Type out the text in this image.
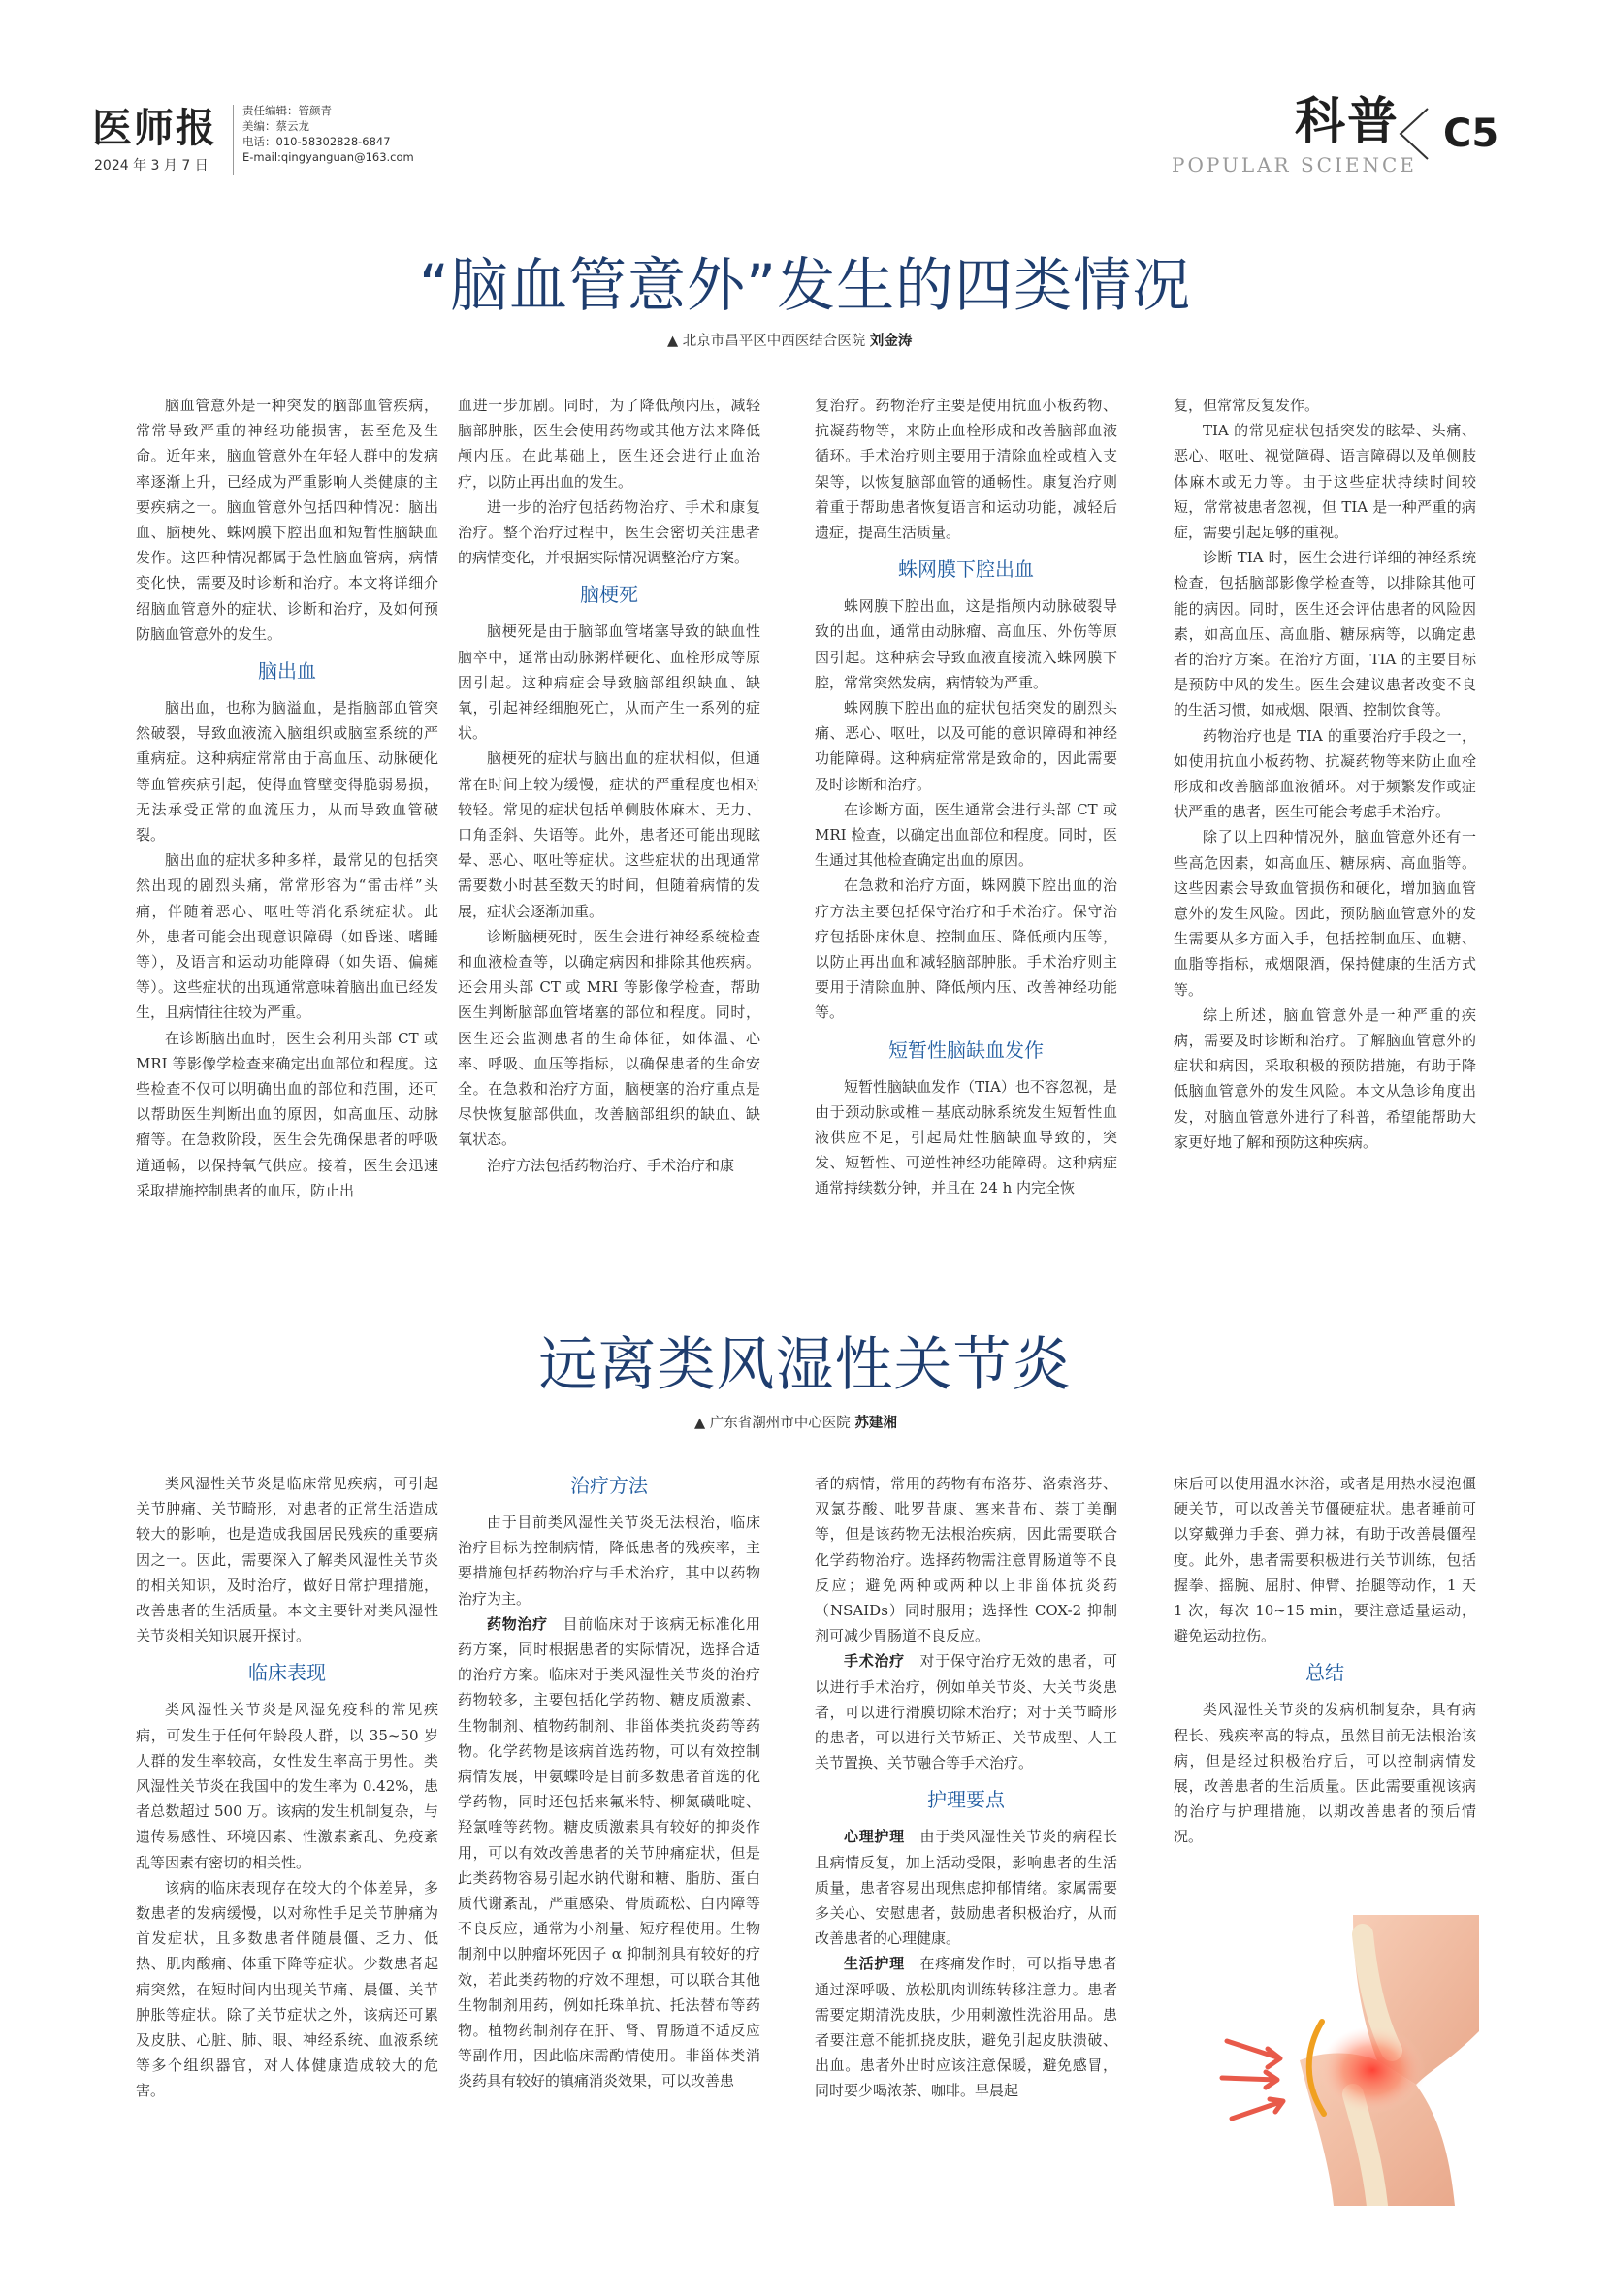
医师报
2024 年 3 月 7 日
责任编辑：管颜青
美编：蔡云龙
电话：010-58302828-6847
E-mail:qingyanguan@163.com
科普
POPULAR SCIENCE
C5
“脑血管意外”发生的四类情况
▲ 北京市昌平区中西医结合医院 刘金涛

脑血管意外是一种突发的脑部血管疾病，常常导致严重的神经功能损害，甚至危及生命。近年来，脑血管意外在年轻人群中的发病率逐渐上升，已经成为严重影响人类健康的主要疾病之一。脑血管意外包括四种情况：脑出血、脑梗死、蛛网膜下腔出血和短暂性脑缺血发作。这四种情况都属于急性脑血管病，病情变化快，需要及时诊断和治疗。本文将详细介绍脑血管意外的症状、诊断和治疗，及如何预防脑血管意外的发生。

脑出血

脑出血，也称为脑溢血，是指脑部血管突然破裂，导致血液流入脑组织或脑室系统的严重病症。这种病症常常由于高血压、动脉硬化等血管疾病引起，使得血管壁变得脆弱易损，无法承受正常的血流压力，从而导致血管破裂。

脑出血的症状多种多样，最常见的包括突然出现的剧烈头痛，常常形容为“雷击样”头痛，伴随着恶心、呕吐等消化系统症状。此外，患者可能会出现意识障碍（如昏迷、嗜睡等），及语言和运动功能障碍（如失语、偏瘫等）。这些症状的出现通常意味着脑出血已经发生，且病情往往较为严重。

在诊断脑出血时，医生会利用头部 CT 或 MRI 等影像学检查来确定出血部位和程度。这些检查不仅可以明确出血的部位和范围，还可以帮助医生判断出血的原因，如高血压、动脉瘤等。在急救阶段，医生会先确保患者的呼吸道通畅，以保持氧气供应。接着，医生会迅速采取措施控制患者的血压，防止出

血进一步加剧。同时，为了降低颅内压，减轻脑部肿胀，医生会使用药物或其他方法来降低颅内压。在此基础上，医生还会进行止血治疗，以防止再出血的发生。

进一步的治疗包括药物治疗、手术和康复治疗。整个治疗过程中，医生会密切关注患者的病情变化，并根据实际情况调整治疗方案。

脑梗死

脑梗死是由于脑部血管堵塞导致的缺血性脑卒中，通常由动脉粥样硬化、血栓形成等原因引起。这种病症会导致脑部组织缺血、缺氧，引起神经细胞死亡，从而产生一系列的症状。

脑梗死的症状与脑出血的症状相似，但通常在时间上较为缓慢，症状的严重程度也相对较轻。常见的症状包括单侧肢体麻木、无力、口角歪斜、失语等。此外，患者还可能出现眩晕、恶心、呕吐等症状。这些症状的出现通常需要数小时甚至数天的时间，但随着病情的发展，症状会逐渐加重。

诊断脑梗死时，医生会进行神经系统检查和血液检查等，以确定病因和排除其他疾病。还会用头部 CT 或 MRI 等影像学检查，帮助医生判断脑部血管堵塞的部位和程度。同时，医生还会监测患者的生命体征，如体温、心率、呼吸、血压等指标，以确保患者的生命安全。在急救和治疗方面，脑梗塞的治疗重点是尽快恢复脑部供血，改善脑部组织的缺血、缺氧状态。

治疗方法包括药物治疗、手术治疗和康

复治疗。药物治疗主要是使用抗血小板药物、抗凝药物等，来防止血栓形成和改善脑部血液循环。手术治疗则主要用于清除血栓或植入支架等，以恢复脑部血管的通畅性。康复治疗则着重于帮助患者恢复语言和运动功能，减轻后遗症，提高生活质量。

蛛网膜下腔出血

蛛网膜下腔出血，这是指颅内动脉破裂导致的出血，通常由动脉瘤、高血压、外伤等原因引起。这种病会导致血液直接流入蛛网膜下腔，常常突然发病，病情较为严重。

蛛网膜下腔出血的症状包括突发的剧烈头痛、恶心、呕吐，以及可能的意识障碍和神经功能障碍。这种病症常常是致命的，因此需要及时诊断和治疗。

在诊断方面，医生通常会进行头部 CT 或 MRI 检查，以确定出血部位和程度。同时，医生通过其他检查确定出血的原因。

在急救和治疗方面，蛛网膜下腔出血的治疗方法主要包括保守治疗和手术治疗。保守治疗包括卧床休息、控制血压、降低颅内压等，以防止再出血和减轻脑部肿胀。手术治疗则主要用于清除血肿、降低颅内压、改善神经功能等。

短暂性脑缺血发作

短暂性脑缺血发作（TIA）也不容忽视，是由于颈动脉或椎－基底动脉系统发生短暂性血液供应不足，引起局灶性脑缺血导致的，突发、短暂性、可逆性神经功能障碍。这种病症通常持续数分钟，并且在 24 h 内完全恢

复，但常常反复发作。

TIA 的常见症状包括突发的眩晕、头痛、恶心、呕吐、视觉障碍、语言障碍以及单侧肢体麻木或无力等。由于这些症状持续时间较短，常常被患者忽视，但 TIA 是一种严重的病症，需要引起足够的重视。

诊断 TIA 时，医生会进行详细的神经系统检查，包括脑部影像学检查等，以排除其他可能的病因。同时，医生还会评估患者的风险因素，如高血压、高血脂、糖尿病等，以确定患者的治疗方案。在治疗方面，TIA 的主要目标是预防中风的发生。医生会建议患者改变不良的生活习惯，如戒烟、限酒、控制饮食等。

药物治疗也是 TIA 的重要治疗手段之一，如使用抗血小板药物、抗凝药物等来防止血栓形成和改善脑部血液循环。对于频繁发作或症状严重的患者，医生可能会考虑手术治疗。

除了以上四种情况外，脑血管意外还有一些高危因素，如高血压、糖尿病、高血脂等。这些因素会导致血管损伤和硬化，增加脑血管意外的发生风险。因此，预防脑血管意外的发生需要从多方面入手，包括控制血压、血糖、血脂等指标，戒烟限酒，保持健康的生活方式等。

综上所述，脑血管意外是一种严重的疾病，需要及时诊断和治疗。了解脑血管意外的症状和病因，采取积极的预防措施，有助于降低脑血管意外的发生风险。本文从急诊角度出发，对脑血管意外进行了科普，希望能帮助大家更好地了解和预防这种疾病。

远离类风湿性关节炎
▲ 广东省潮州市中心医院 苏建湘

类风湿性关节炎是临床常见疾病，可引起关节肿痛、关节畸形，对患者的正常生活造成较大的影响，也是造成我国居民残疾的重要病因之一。因此，需要深入了解类风湿性关节炎的相关知识，及时治疗，做好日常护理措施，改善患者的生活质量。本文主要针对类风湿性关节炎相关知识展开探讨。

临床表现

类风湿性关节炎是风湿免疫科的常见疾病，可发生于任何年龄段人群，以 35~50 岁人群的发生率较高，女性发生率高于男性。类风湿性关节炎在我国中的发生率为 0.42%，患者总数超过 500 万。该病的发生机制复杂，与遗传易感性、环境因素、性激素紊乱、免疫紊乱等因素有密切的相关性。

该病的临床表现存在较大的个体差异，多数患者的发病缓慢，以对称性手足关节肿痛为首发症状，且多数患者伴随晨僵、乏力、低热、肌肉酸痛、体重下降等症状。少数患者起病突然，在短时间内出现关节痛、晨僵、关节肿胀等症状。除了关节症状之外，该病还可累及皮肤、心脏、肺、眼、神经系统、血液系统等多个组织器官，对人体健康造成较大的危害。

治疗方法

由于目前类风湿性关节炎无法根治，临床治疗目标为控制病情，降低患者的残疾率，主要措施包括药物治疗与手术治疗，其中以药物治疗为主。

药物治疗　 目前临床对于该病无标准化用药方案，同时根据患者的实际情况，选择合适的治疗方案。临床对于类风湿性关节炎的治疗药物较多，主要包括化学药物、糖皮质激素、生物制剂、植物药制剂、非甾体类抗炎药等药物。化学药物是该病首选药物，可以有效控制病情发展，甲氨蝶呤是目前多数患者首选的化学药物，同时还包括来氟米特、柳氮磺吡啶、羟氯喹等药物。糖皮质激素具有较好的抑炎作用，可以有效改善患者的关节肿痛症状，但是此类药物容易引起水钠代谢和糖、脂肪、蛋白质代谢紊乱，严重感染、骨质疏松、白内障等不良反应，通常为小剂量、短疗程使用。生物制剂中以肿瘤坏死因子 α 抑制剂具有较好的疗效，若此类药物的疗效不理想，可以联合其他生物制剂用药，例如托珠单抗、托法替布等药物。植物药制剂存在肝、肾、胃肠道不适反应等副作用，因此临床需酌情使用。非甾体类消炎药具有较好的镇痛消炎效果，可以改善患

者的病情，常用的药物有布洛芬、洛索洛芬、双氯芬酸、吡罗昔康、塞来昔布、萘丁美酮等，但是该药物无法根治疾病，因此需要联合化学药物治疗。选择药物需注意胃肠道等不良反应；避免两种或两种以上非甾体抗炎药（NSAIDs）同时服用；选择性 COX-2 抑制剂可减少胃肠道不良反应。

手术治疗　 对于保守治疗无效的患者，可以进行手术治疗，例如单关节炎、大关节炎患者，可以进行滑膜切除术治疗；对于关节畸形的患者，可以进行关节矫正、关节成型、人工关节置换、关节融合等手术治疗。

护理要点

心理护理　 由于类风湿性关节炎的病程长且病情反复，加上活动受限，影响患者的生活质量，患者容易出现焦虑抑郁情绪。家属需要多关心、安慰患者，鼓励患者积极治疗，从而改善患者的心理健康。

生活护理　 在疼痛发作时，可以指导患者通过深呼吸、放松肌肉训练转移注意力。患者需要定期清洗皮肤，少用刺激性洗浴用品。患者要注意不能抓挠皮肤，避免引起皮肤溃破、出血。患者外出时应该注意保暖，避免感冒，同时要少喝浓茶、咖啡。早晨起

床后可以使用温水沐浴，或者是用热水浸泡僵硬关节，可以改善关节僵硬症状。患者睡前可以穿戴弹力手套、弹力袜，有助于改善晨僵程度。此外，患者需要积极进行关节训练，包括握拳、摇腕、屈肘、伸臂、抬腿等动作，1 天 1 次，每次 10~15 min，要注意适量运动，避免运动拉伤。

总结

类风湿性关节炎的发病机制复杂，具有病程长、残疾率高的特点，虽然目前无法根治该病，但是经过积极治疗后，可以控制病情发展，改善患者的生活质量。因此需要重视该病的治疗与护理措施，以期改善患者的预后情况。
